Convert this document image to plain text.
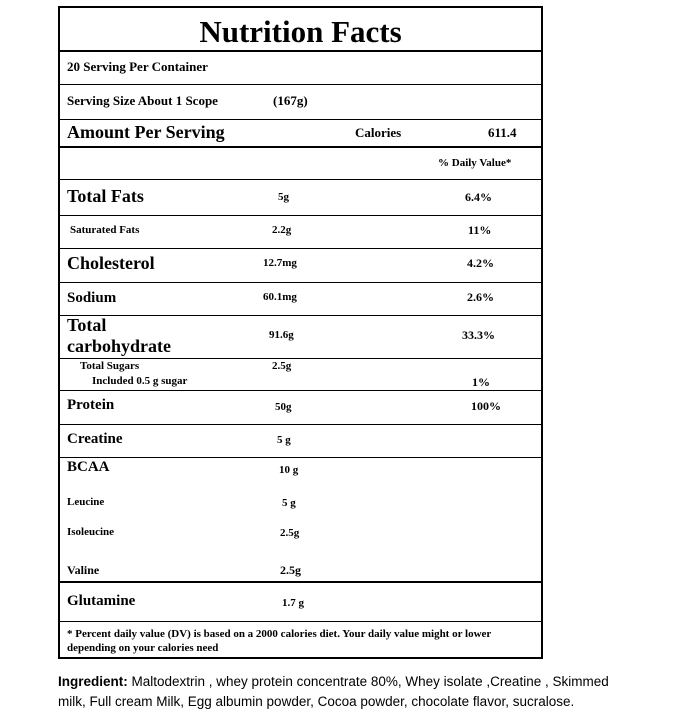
Nutrition Facts
20 Serving Per Container
Serving Size About 1 Scope	(167g)
Amount Per Serving	Calories	611.4
% Daily Value*
Total Fats	5g	6.4%
Saturated Fats	2.2g	11%
Cholesterol	12.7mg	4.2%
Sodium	60.1mg	2.6%
Total
carbohydrate
91.6g	33.3%
Total Sugars	2.5g
Included 0.5 g sugar	1%
Protein	50g	100%
Creatine	5 g
BCAA	10 g
Leucine	5 g
Isoleucine	2.5g
Valine	2.5g
Glutamine	1.7 g
* Percent daily value (DV) is based on a 2000 calories diet. Your daily value might or lower
depending on your calories need
Ingredient: Maltodextrin , whey protein concentrate 80%, Whey isolate ,Creatine , Skimmed
milk, Full cream Milk, Egg albumin powder, Cocoa powder, chocolate flavor, sucralose.
